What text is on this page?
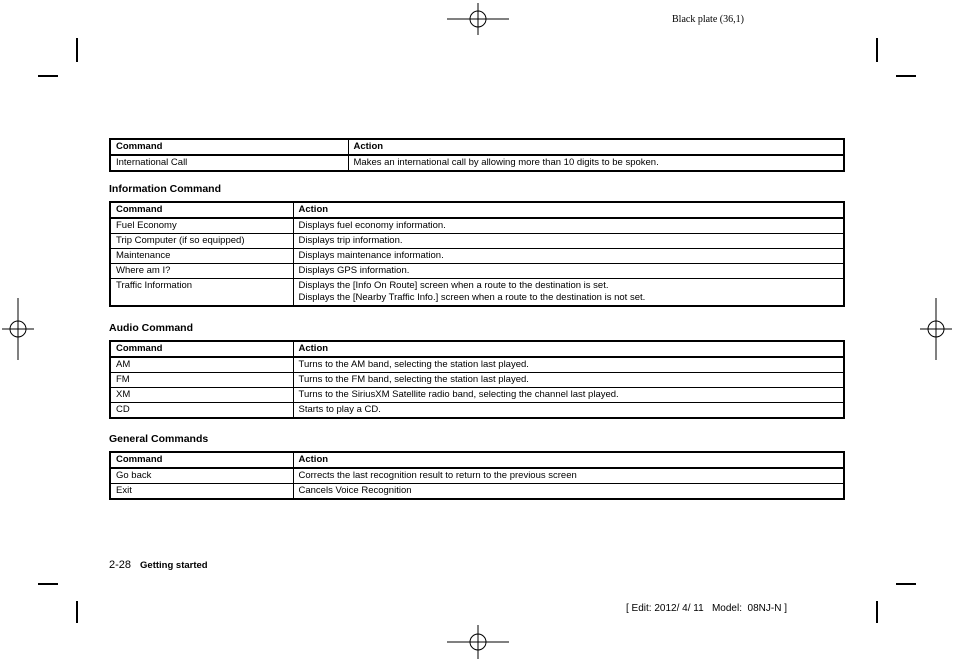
Black plate (36,1)
Command	Action
International Call	Makes an international call by allowing more than 10 digits to be spoken.
Information Command
Command	Action
Fuel Economy	Displays fuel economy information.
Trip Computer (if so equipped)	Displays trip information.
Maintenance	Displays maintenance information.
Where am I?	Displays GPS information.
Traffic Information	Displays the [Info On Route] screen when a route to the destination is set.
Displays the [Nearby Traffic Info.] screen when a route to the destination is not set.
Audio Command
Command	Action
AM	Turns to the AM band, selecting the station last played.
FM	Turns to the FM band, selecting the station last played.
XM	Turns to the SiriusXM Satellite radio band, selecting the channel last played.
CD	Starts to play a CD.
General Commands
Command	Action
Go back	Corrects the last recognition result to return to the previous screen
Exit	Cancels Voice Recognition
2-28 Getting started
[ Edit: 2012/ 4/ 11   Model:  08NJ-N ]
